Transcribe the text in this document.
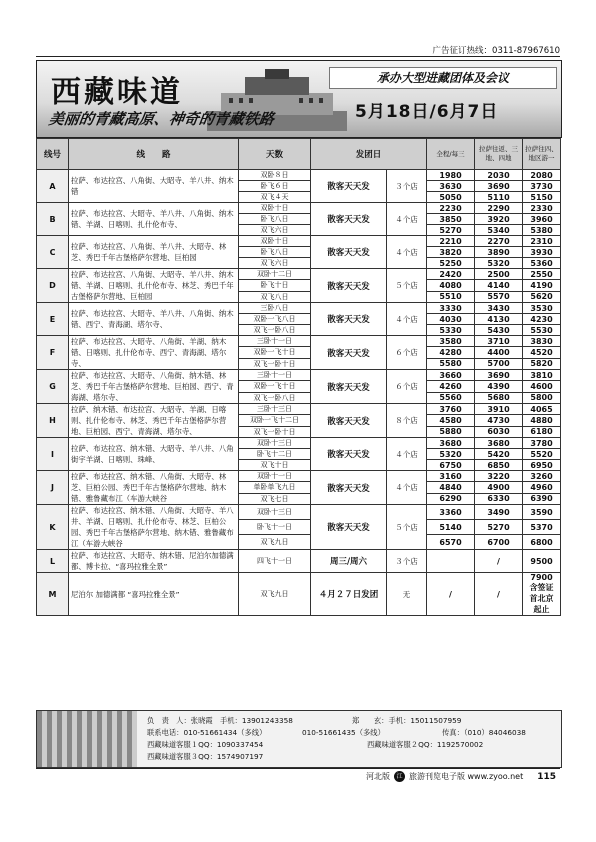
广告征订热线：0311-87967610
西藏味道
美丽的青藏高原、神奇的青藏铁路
承办大型进藏团体及会议
5月18日/6月7日
线号	线　　路	天数	发团日		全程/每三	拉萨往返、三地、四地	拉萨往四、地区游一
A	拉萨、布达拉宫、八角街、大昭寺、羊八井、纳木错	双卧８日	散客天天发	３个店	1980	2030	2080
		卧飞６日			3630	3690	3730
		双飞４天			5050	5110	5150
B	拉萨、布达拉宫、大昭寺、羊八井、八角街、纳木错、羊湖、日喀则、扎什伦布寺、	双卧十日	散客天天发	４个店	2230	2290	2330
		卧飞八日			3850	3920	3960
		双飞六日			5270	5340	5380
C	拉萨、布达拉宫、八角街、羊八井、大昭寺、林芝、秀巴千年古堡格萨尔营地、巨柏园	双卧十日	散客天天发	４个店	2210	2270	2310
		卧飞八日			3820	3890	3930
		双飞六日			5250	5320	5360
D	拉萨、布达拉宫、八角街、大昭寺、羊八井、纳木错、羊湖、日喀则、扎什伦布寺、林芝、秀巴千年古堡格萨尔营地、巨柏园	双卧十二日	散客天天发	５个店	2420	2500	2550
		卧飞十日			4080	4140	4190
		双飞八日			5510	5570	5620
E	拉萨、布达拉宫、大昭寺、羊八井、八角街、纳木错、西宁、青海湖、塔尔寺、	三卧八日	散客天天发	４个店	3330	3430	3530
		双卧一飞八日			4030	4130	4230
		双飞一卧八日			5330	5430	5530
F	拉萨、布达拉宫、大昭寺、八角街、羊湖、纳木错、日喀则、扎什伦布寺、西宁、青海湖、塔尔寺、	三卧十一日	散客天天发	６个店	3580	3710	3830
		双卧一飞十日			4280	4400	4520
		双飞一卧十日			5580	5700	5820
G	拉萨、布达拉宫、大昭寺、八角街、纳木错、林芝、秀巴千年古堡格萨尔营地、巨柏园、西宁、青海湖、塔尔寺、	三卧十一日	散客天天发	６个店	3660	3690	3810
		双卧一飞十日			4260	4390	4600
		双飞一卧八日			5560	5680	5800
H	拉萨、纳木错、布达拉宫、大昭寺、羊湖、日喀则、扎什伦布寺、林芝、秀巴千年古堡格萨尔营地、巨柏园、西宁、青海湖、塔尔寺、	三卧十三日	散客天天发	８个店	3760	3910	4065
		双卧一飞十二日			4580	4730	4880
		双飞一卧十日			5880	6030	6180
I	拉萨、布达拉宫、纳木错、大昭寺、羊八井、八角街宇羊湖、日喀则、珠峰、	双卧十三日	散客天天发	４个店	3680	3680	3780
		卧飞十二日			5320	5420	5520
		双飞十日			6750	6850	6950
J	拉萨、布达拉宫、纳木错、八角街、大昭寺、林芝、巨柏公园、秀巴千年古堡格萨尔营地、纳木错、雅鲁藏布江（车游大峡谷	双卧十一日	散客天天发	４个店	3160	3220	3260
		单卧单飞九日			4840	4900	4960
		双飞七日			6290	6330	6390
K	拉萨、布达拉宫、纳木错、八角街、大昭寺、羊八井、羊湖、日喀则、扎什伦布寺、林芝、巨柏公园、秀巴千年古堡格萨尔营地、纳木错、雅鲁藏布江（车游大峡谷	双卧十三日	散客天天发	５个店	3360	3490	3590
		卧飞十一日			5140	5270	5370
		双飞九日			6570	6700	6800
L	拉萨、布达拉宫、大昭寺、纳木错、尼泊尔加德满都、博卡拉、“喜玛拉雅全景”	四飞十一日	周三/周六	３个店		/	9500
M	尼泊尔 加德满都 “喜玛拉雅全景”	双飞九日	４月２７日发团	无	/	/	7900 含签证 首北京 起止
负　责　人：张晓霞　手机：13901243358	郑　　玄：手机：15011507959
联系电话：010-51661434（多线）	010-51661435（多线）	传真：（010）84046038
西藏味道客服１QQ：1090337454	西藏味道客服２QQ：1192570002
西藏味道客服３QQ：1574907197
河北版	江 旅游刊览电子版 www.zyoo.net 115
